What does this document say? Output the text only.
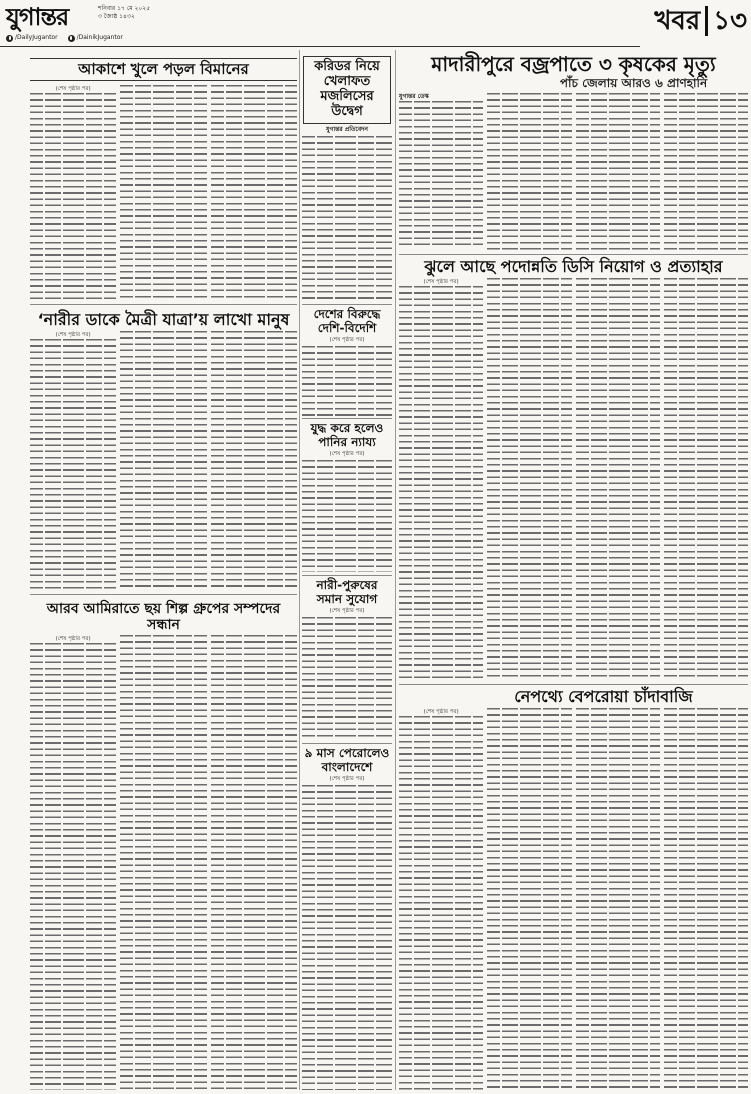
যুগান্তর	শনিবার ১৭ মে ২০২৫
৩ জ্যৈষ্ঠ ১৪৩২
/DailyJugantor	/DainikJugantor
খবর ১৩
আকাশে খুলে পড়ল বিমানের
(শেষ পৃষ্ঠার পর)
করিডর নিয়ে
খেলাফত
মজলিসের উদ্বেগ
যুগান্তর প্রতিবেদন
মাদারীপুরে বজ্রপাতে ৩ কৃষকের মৃত্যু
পাঁচ জেলায় আরও ৬ প্রাণহানি
যুগান্তর ডেস্ক
ঝুলে আছে পদোন্নতি ডিসি নিয়োগ ও প্রত্যাহার
(শেষ পৃষ্ঠার পর)
‘নারীর ডাকে মৈত্রী যাত্রা’য় লাখো মানুষ
(শেষ পৃষ্ঠার পর)
দেশের বিরুদ্ধে দেশি-বিদেশি
(শেষ পৃষ্ঠার পর)
যুদ্ধ করে হলেও পানির ন্যায্য
(শেষ পৃষ্ঠার পর)
নারী-পুরুষের সমান সুযোগ
(শেষ পৃষ্ঠার পর)
আরব আমিরাতে ছয় শিল্প গ্রুপের সম্পদের সন্ধান
(শেষ পৃষ্ঠার পর)
৯ মাস পেরোলেও বাংলাদেশে
(শেষ পৃষ্ঠার পর)
নেপথ্যে বেপরোয়া চাঁদাবাজি
(শেষ পৃষ্ঠার পর)
